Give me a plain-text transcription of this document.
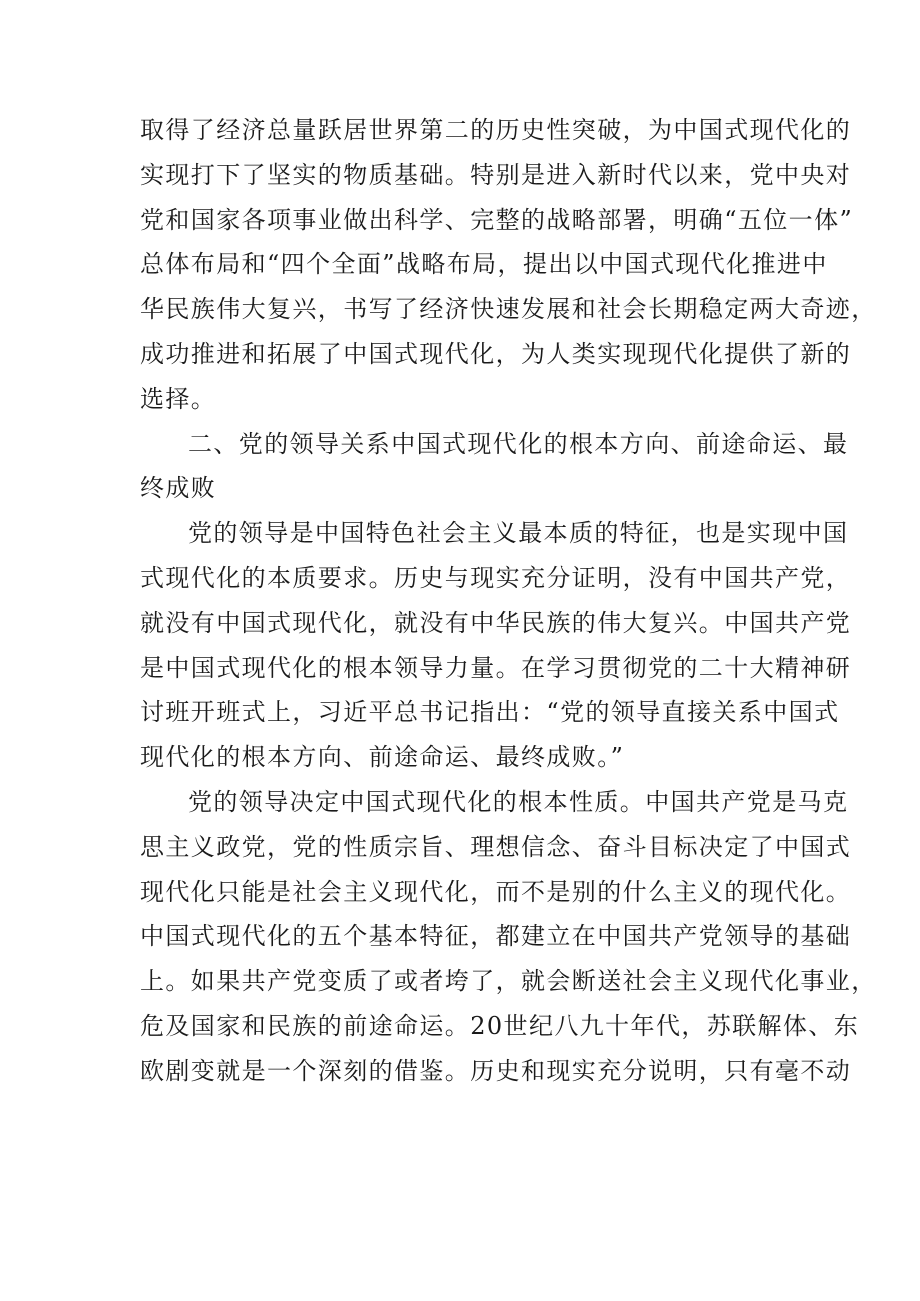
取得了经济总量跃居世界第二的历史性突破，为中国式现代化的
实现打下了坚实的物质基础。特别是进入新时代以来，党中央对
党和国家各项事业做出科学、完整的战略部署，明确“五位一体”
总体布局和“四个全面”战略布局，提出以中国式现代化推进中
华民族伟大复兴，书写了经济快速发展和社会长期稳定两大奇迹，
成功推进和拓展了中国式现代化，为人类实现现代化提供了新的
选择。
二、党的领导关系中国式现代化的根本方向、前途命运、最
终成败
党的领导是中国特色社会主义最本质的特征，也是实现中国
式现代化的本质要求。历史与现实充分证明，没有中国共产党，
就没有中国式现代化，就没有中华民族的伟大复兴。中国共产党
是中国式现代化的根本领导力量。在学习贯彻党的二十大精神研
讨班开班式上，习近平总书记指出：“党的领导直接关系中国式
现代化的根本方向、前途命运、最终成败。”
党的领导决定中国式现代化的根本性质。中国共产党是马克
思主义政党，党的性质宗旨、理想信念、奋斗目标决定了中国式
现代化只能是社会主义现代化，而不是别的什么主义的现代化。
中国式现代化的五个基本特征，都建立在中国共产党领导的基础
上。如果共产党变质了或者垮了，就会断送社会主义现代化事业，
危及国家和民族的前途命运。20世纪八九十年代，苏联解体、东
欧剧变就是一个深刻的借鉴。历史和现实充分说明，只有毫不动
